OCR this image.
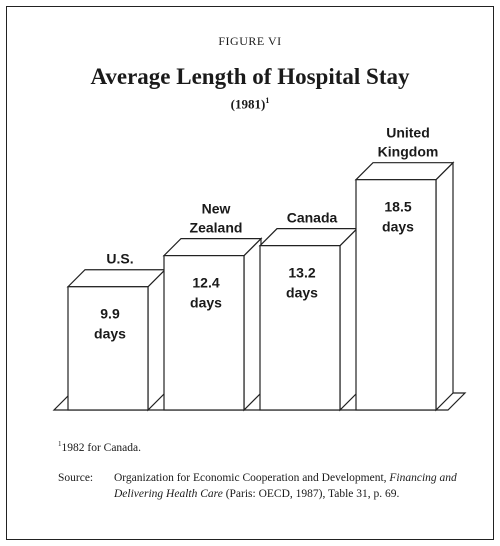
FIGURE VI
Average Length of Hospital Stay
$(1981)^1$
9.9
days
U.S.
12.4
days
New
Zealand
13.2
days
Canada
18.5
days
United
Kingdom
$^1$1982 for Canada.
Source: Organization for Economic Cooperation and Development, Financing and Delivering Health Care (Paris: OECD, 1987), Table 31, p. 69.
